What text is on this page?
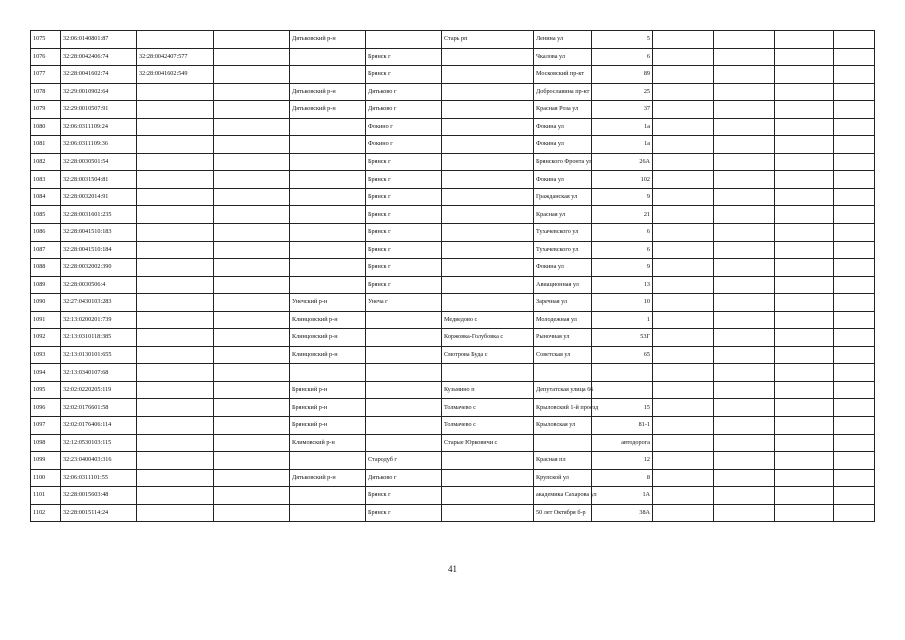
1075	32:06:0140801:87			Дятьковский р-н		Старь рп	Ленина ул	5				
1076	32:28:0042406:74	32:28:0042407:577			Брянск г		Чкалова ул	6				
1077	32:28:0041602:74	32:28:0041602:549			Брянск г		Московский пр-кт	89				
1078	32:29:0010902:64			Дятьковский р-н	Дятьково г		Доброславина пр-кт	25				
1079	32:29:0010507:91			Дятьковский р-н	Дятьково г		Красная Роза ул	37				
1080	32:06:0311109:24				Фокино г		Фокина ул	1а				
1081	32:06:0311109:36				Фокино г		Фокина ул	1а				
1082	32:28:0030501:54				Брянск г		Брянского Фронта ул	26А				
1083	32:28:0031504:81				Брянск г		Фокина ул	102				
1084	32:28:0032014:91				Брянск г		Гражданская ул	9				
1085	32:28:0031601:235				Брянск г		Красная ул	21				
1086	32:28:0041510:183				Брянск г		Тухачевского ул	6				
1087	32:28:0041510:184				Брянск г		Тухачевского ул	6				
1088	32:28:0032002:390				Брянск г		Фокина ул	9				
1089	32:28:0030506:4				Брянск г		Авиационная ул	13				
1090	32:27:0430103:283			Унечский р-н	Унеча г		Заречная ул	10				
1091	32:13:0200201:739			Клинцовский р-н		Медведово с	Молодежная ул	1				
1092	32:13:0310118:385			Клинцовский р-н		Коржовка-Голубовка с	Рыночная ул	53Г				
1093	32:13:0130101:655			Клинцовский р-н		Смотрова Буда с	Советская ул	65				
1094	32:13:0340107:68											
1095	32:02:0220205:119			Брянский р-н		Кузьмино п	Депутатская улица 66					
1096	32:02:0176601:58			Брянский р-н		Толмачево с	Крыловский 1-й проезд	15				
1097	32:02:0176406:114			Брянский р-н		Толмачево с	Крыловская ул	81-1				
1098	32:12:0530103:115			Климовский р-н		Старые Юрковичи с		автодорога				
1099	32:23:0400403:316				Стародуб г		Красная пл	12				
1100	32:06:0311101:55			Дятьковский р-н	Дятьково г		Крупской ул	8				
1101	32:28:0015603:48				Брянск г		академика Сахарова ул	1А				
1102	32:28:0015114:24				Брянск г		50 лет Октября б-р	38А				
41
